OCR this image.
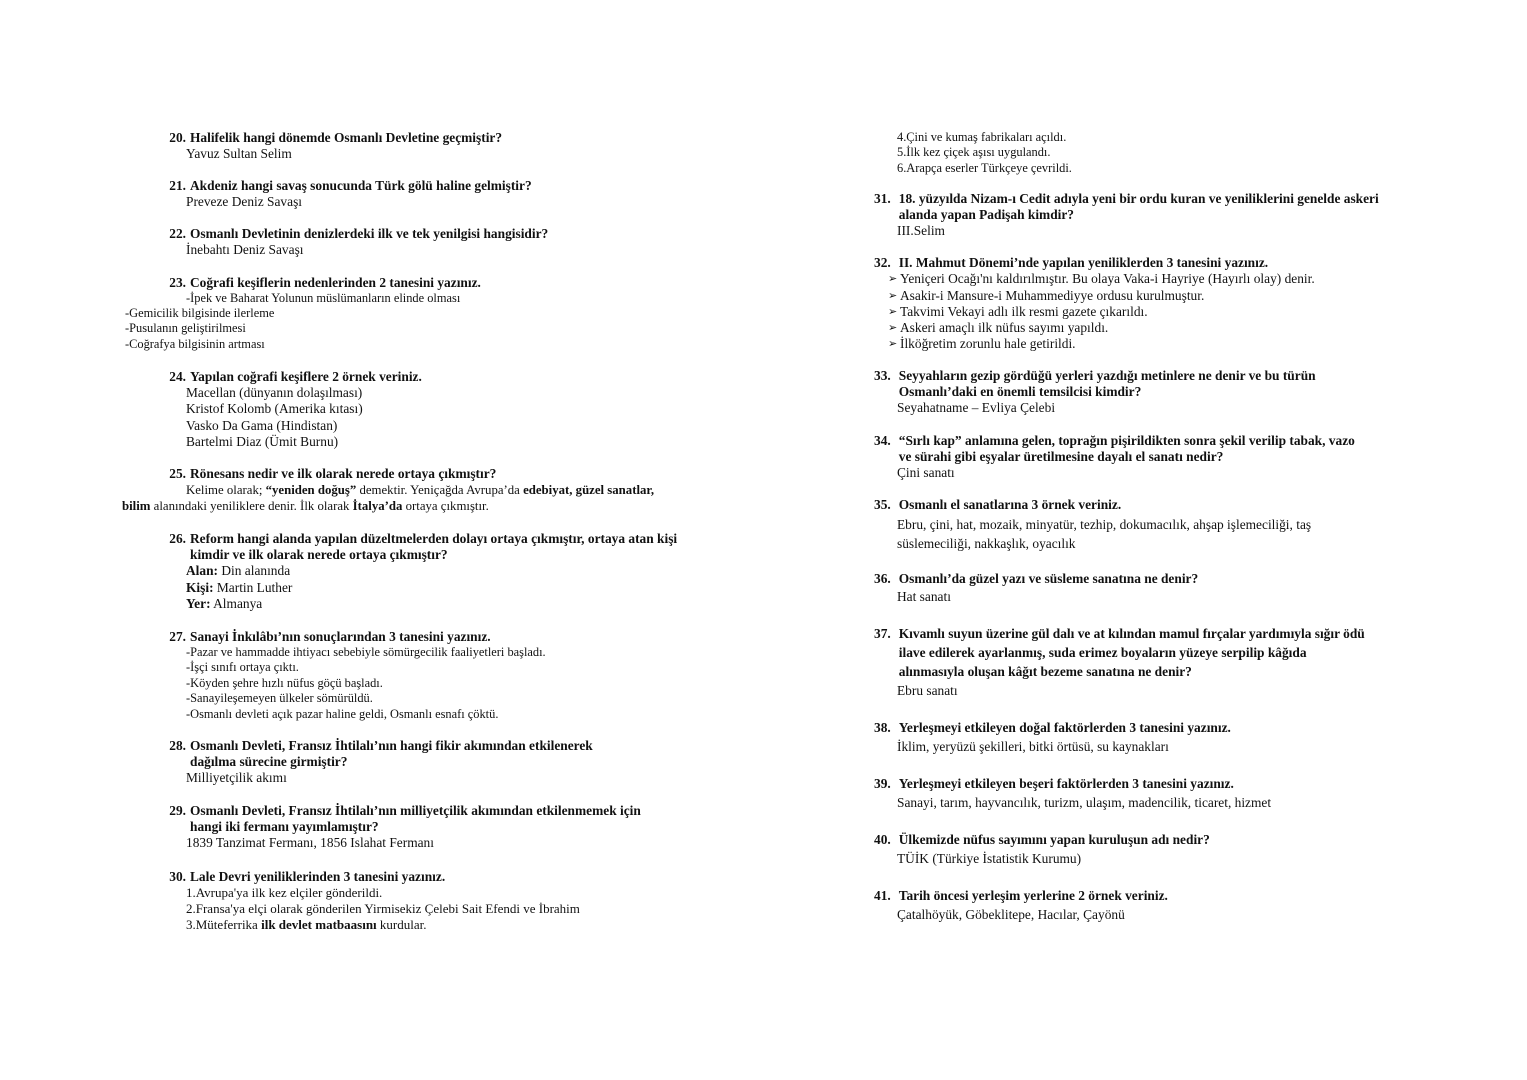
20. Halifelik hangi dönemde Osmanlı Devletine geçmiştir?
Yavuz Sultan Selim
21. Akdeniz hangi savaş sonucunda Türk gölü haline gelmiştir?
Preveze Deniz Savaşı
22. Osmanlı Devletinin denizlerdeki ilk ve tek yenilgisi hangisidir?
İnebahtı Deniz Savaşı
23. Coğrafi keşiflerin nedenlerinden 2 tanesini yazınız.
-İpek ve Baharat Yolunun müslümanların elinde olması
-Gemicilik bilgisinde ilerleme
-Pusulanın geliştirilmesi
-Coğrafya bilgisinin artması
24. Yapılan coğrafi keşiflere 2 örnek veriniz.
Macellan (dünyanın dolaşılması)
Kristof Kolomb (Amerika kıtası)
Vasko Da Gama (Hindistan)
Bartelmi Diaz (Ümit Burnu)
25. Rönesans nedir ve ilk olarak nerede ortaya çıkmıştır?
Kelime olarak; “yeniden doğuş” demektir. Yeniçağda Avrupa’da edebiyat, güzel sanatlar, bilim alanındaki yeniliklere denir. İlk olarak İtalya’da ortaya çıkmıştır.
26. Reform hangi alanda yapılan düzeltmelerden dolayı ortaya çıkmıştır, ortaya atan kişi kimdir ve ilk olarak nerede ortaya çıkmıştır?
Alan: Din alanında
Kişi: Martin Luther
Yer: Almanya
27. Sanayi İnkılâbı’nın sonuçlarından 3 tanesini yazınız.
-Pazar ve hammadde ihtiyacı sebebiyle sömürgecilik faaliyetleri başladı.
-İşçi sınıfı ortaya çıktı.
-Köyden şehre hızlı nüfus göçü başladı.
-Sanayileşemeyen ülkeler sömürüldü.
-Osmanlı devleti açık pazar haline geldi, Osmanlı esnafı çöktü.
28. Osmanlı Devleti, Fransız İhtilalı’nın hangi fikir akımından etkilenerek dağılma sürecine girmiştir?
Milliyetçilik akımı
29. Osmanlı Devleti, Fransız İhtilalı’nın milliyetçilik akımından etkilenmemek için hangi iki fermanı yayımlamıştır?
1839 Tanzimat Fermanı, 1856 Islahat Fermanı
30. Lale Devri yeniliklerinden 3 tanesini yazınız.
1.Avrupa'ya ilk kez elçiler gönderildi.
2.Fransa'ya elçi olarak gönderilen Yirmisekiz Çelebi Sait Efendi ve İbrahim
3.Müteferrika ilk devlet matbaasını kurdular.
4.Çini ve kumaş fabrikaları açıldı.
5.İlk kez çiçek aşısı uygulandı.
6.Arapça eserler Türkçeye çevrildi.
31. 18. yüzyılda Nizam-ı Cedit adıyla yeni bir ordu kuran ve yeniliklerini genelde askeri alanda yapan Padişah kimdir?
III.Selim
32. II. Mahmut Dönemi’nde yapılan yeniliklerden 3 tanesini yazınız.
➢ Yeniçeri Ocağı'nı kaldırılmıştır. Bu olaya Vaka-i Hayriye (Hayırlı olay) denir.
➢ Asakir-i Mansure-i Muhammediyye ordusu kurulmuştur.
➢ Takvimi Vekayi adlı ilk resmi gazete çıkarıldı.
➢ Askeri amaçlı ilk nüfus sayımı yapıldı.
➢ İlköğretim zorunlu hale getirildi.
33. Seyyahların gezip gördüğü yerleri yazdığı metinlere ne denir ve bu türün Osmanlı’daki en önemli temsilcisi kimdir?
Seyahatname – Evliya Çelebi
34. “Sırlı kap” anlamına gelen, toprağın pişirildikten sonra şekil verilip tabak, vazo ve sürahi gibi eşyalar üretilmesine dayalı el sanatı nedir?
Çini sanatı
35. Osmanlı el sanatlarına 3 örnek veriniz.
Ebru, çini, hat, mozaik, minyatür, tezhip, dokumacılık, ahşap işlemeciliği, taş süslemeciliği, nakkaşlık, oyacılık
36. Osmanlı’da güzel yazı ve süsleme sanatına ne denir?
Hat sanatı
37. Kıvamlı suyun üzerine gül dalı ve at kılından mamul fırçalar yardımıyla sığır ödü ilave edilerek ayarlanmış, suda erimez boyaların yüzeye serpilip kâğıda alınmasıyla oluşan kâğıt bezeme sanatına ne denir?
Ebru sanatı
38. Yerleşmeyi etkileyen doğal faktörlerden 3 tanesini yazınız.
İklim, yeryüzü şekilleri, bitki örtüsü, su kaynakları
39. Yerleşmeyi etkileyen beşeri faktörlerden 3 tanesini yazınız.
Sanayi, tarım, hayvancılık, turizm, ulaşım, madencilik, ticaret, hizmet
40. Ülkemizde nüfus sayımını yapan kuruluşun adı nedir?
TÜİK (Türkiye İstatistik Kurumu)
41. Tarih öncesi yerleşim yerlerine 2 örnek veriniz.
Çatalhöyük, Göbeklitepe, Hacılar, Çayönü
